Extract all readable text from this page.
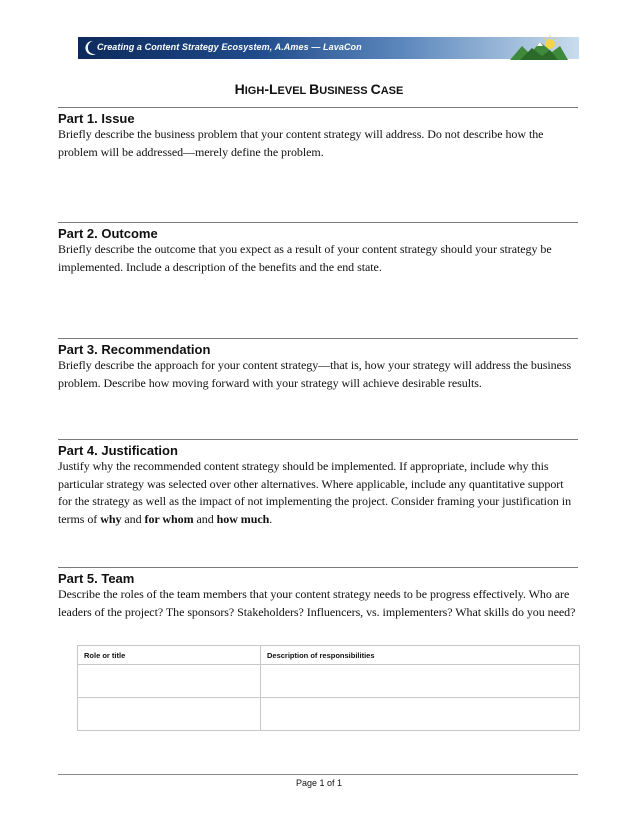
Creating a Content Strategy Ecosystem, A.Ames — LavaCon
HIGH-LEVEL BUSINESS CASE

Part 1. Issue

Briefly describe the business problem that your content strategy will address. Do not describe how the problem will be addressed—merely define the problem.

Part 2. Outcome

Briefly describe the outcome that you expect as a result of your content strategy should your strategy be implemented. Include a description of the benefits and the end state.

Part 3. Recommendation

Briefly describe the approach for your content strategy—that is, how your strategy will address the business problem. Describe how moving forward with your strategy will achieve desirable results.

Part 4. Justification

Justify why the recommended content strategy should be implemented. If appropriate, include why this particular strategy was selected over other alternatives. Where applicable, include any quantitative support for the strategy as well as the impact of not implementing the project. Consider framing your justification in terms of why and for whom and how much.

Part 5. Team

Describe the roles of the team members that your content strategy needs to be progress effectively. Who are leaders of the project? The sponsors? Stakeholders? Influencers, vs. implementers? What skills do you need?

Role or title	Description of responsibilities

Page 1 of 1
